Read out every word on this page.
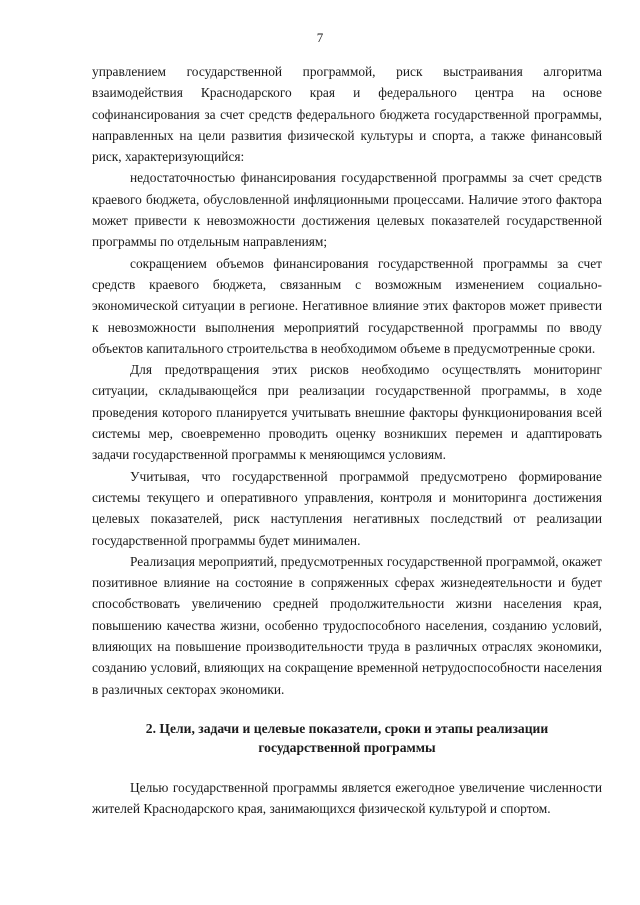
7

управлением государственной программой, риск выстраивания алгоритма взаимодействия Краснодарского края и федерального центра на основе софинансирования за счет средств федерального бюджета государственной программы, направленных на цели развития физической культуры и спорта, а также финансовый риск, характеризующийся:

недостаточностью финансирования государственной программы за счет средств краевого бюджета, обусловленной инфляционными процессами. Наличие этого фактора может привести к невозможности достижения целевых показателей государственной программы по отдельным направлениям;

сокращением объемов финансирования государственной программы за счет средств краевого бюджета, связанным с возможным изменением социально-экономической ситуации в регионе. Негативное влияние этих факторов может привести к невозможности выполнения мероприятий государственной программы по вводу объектов капитального строительства в необходимом объеме в предусмотренные сроки.

Для предотвращения этих рисков необходимо осуществлять мониторинг ситуации, складывающейся при реализации государственной программы, в ходе проведения которого планируется учитывать внешние факторы функционирования всей системы мер, своевременно проводить оценку возникших перемен и адаптировать задачи государственной программы к меняющимся условиям.

Учитывая, что государственной программой предусмотрено формирование системы текущего и оперативного управления, контроля и мониторинга достижения целевых показателей, риск наступления негативных последствий от реализации государственной программы будет минимален.

Реализация мероприятий, предусмотренных государственной программой, окажет позитивное влияние на состояние в сопряженных сферах жизнедеятельности и будет способствовать увеличению средней продолжительности жизни населения края, повышению качества жизни, особенно трудоспособного населения, созданию условий, влияющих на повышение производительности труда в различных отраслях экономики, созданию условий, влияющих на сокращение временной нетрудоспособности населения в различных секторах экономики.

2. Цели, задачи и целевые показатели, сроки и этапы реализации
государственной программы

Целью государственной программы является ежегодное увеличение численности жителей Краснодарского края, занимающихся физической культурой и спортом.
